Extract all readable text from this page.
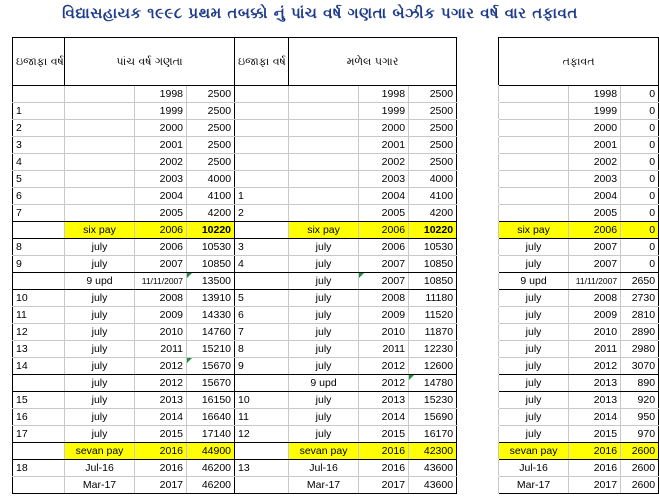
વિદ્યાસહાયક ૧૯૯૮ પ્રથમ તબક્કો નું પાંચ વર્ષ ગણતા બેઝીક પગાર વર્ષ વાર તફાવત
ઇજાફા વર્ષ	પાંચ વર્ષ ગણતા			ઇજાફા વર્ષ	મળેલ પગાર				તફાવત		
		1998	2500			1998	2500			1998	0
1		1999	2500			1999	2500			1999	0
2		2000	2500			2000	2500			2000	0
3		2001	2500			2001	2500			2001	0
4		2002	2500			2002	2500			2002	0
5		2003	4000			2003	4000			2003	0
6		2004	4100	1		2004	4100			2004	0
7		2005	4200	2		2005	4200			2005	0
	six pay	2006	10220		six pay	2006	10220		six pay	2006	0
8	july	2006	10530	3	july	2006	10530		july	2007	0
9	july	2007	10850	4	july	2007	10850		july	2007	0
	9 upd	11/11/2007	13500		july	2007	10850		9 upd	11/11/2007	2650
10	july	2008	13910	5	july	2008	11180		july	2008	2730
11	july	2009	14330	6	july	2009	11520		july	2009	2810
12	july	2010	14760	7	july	2010	11870		july	2010	2890
13	july	2011	15210	8	july	2011	12230		july	2011	2980
14	july	2012	15670	9	july	2012	12600		july	2012	3070
	july	2012	15670		9 upd	2012	14780		july	2013	890
15	july	2013	16150	10	july	2013	15230		july	2013	920
16	july	2014	16640	11	july	2014	15690		july	2014	950
17	july	2015	17140	12	july	2015	16170		july	2015	970
	sevan pay	2016	44900		sevan pay	2016	42300		sevan pay	2016	2600
18	Jul-16	2016	46200	13	Jul-16	2016	43600		Jul-16	2016	2600
	Mar-17	2017	46200		Mar-17	2017	43600		Mar-17	2017	2600
